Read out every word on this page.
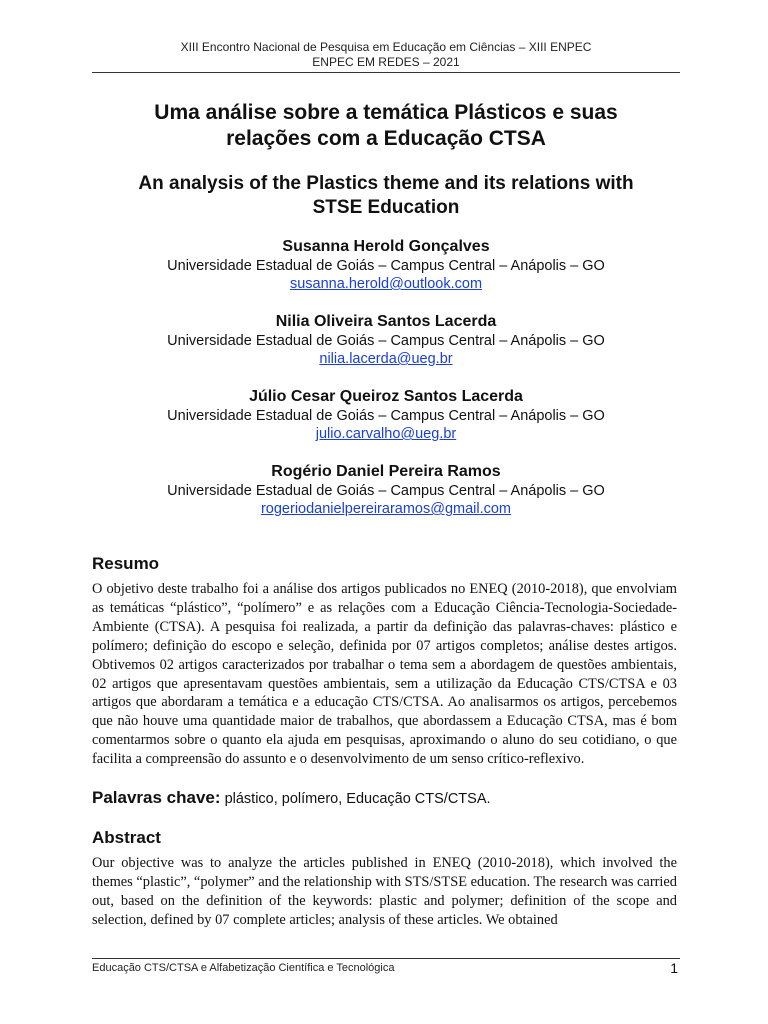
XIII Encontro Nacional de Pesquisa em Educação em Ciências – XIII ENPEC
ENPEC EM REDES – 2021
Uma análise sobre a temática Plásticos e suas
relações com a Educação CTSA
An analysis of the Plastics theme and its relations with
STSE Education
Susanna Herold Gonçalves
Universidade Estadual de Goiás – Campus Central – Anápolis – GO
susanna.herold@outlook.com
Nilia Oliveira Santos Lacerda
Universidade Estadual de Goiás – Campus Central – Anápolis – GO
nilia.lacerda@ueg.br
Júlio Cesar Queiroz Santos Lacerda
Universidade Estadual de Goiás – Campus Central – Anápolis – GO
julio.carvalho@ueg.br
Rogério Daniel Pereira Ramos
Universidade Estadual de Goiás – Campus Central – Anápolis – GO
rogeriodanielpereiraramos@gmail.com
Resumo
O objetivo deste trabalho foi a análise dos artigos publicados no ENEQ (2010-2018), que envolviam as temáticas “plástico”, “polímero” e as relações com a Educação Ciência-Tecnologia-Sociedade-Ambiente (CTSA). A pesquisa foi realizada, a partir da definição das palavras-chaves: plástico e polímero; definição do escopo e seleção, definida por 07 artigos completos; análise destes artigos. Obtivemos 02 artigos caracterizados por trabalhar o tema sem a abordagem de questões ambientais, 02 artigos que apresentavam questões ambientais, sem a utilização da Educação CTS/CTSA e 03 artigos que abordaram a temática e a educação CTS/CTSA. Ao analisarmos os artigos, percebemos que não houve uma quantidade maior de trabalhos, que abordassem a Educação CTSA, mas é bom comentarmos sobre o quanto ela ajuda em pesquisas, aproximando o aluno do seu cotidiano, o que facilita a compreensão do assunto e o desenvolvimento de um senso crítico-reflexivo.
Palavras chave: plástico, polímero, Educação CTS/CTSA.
Abstract
Our objective was to analyze the articles published in ENEQ (2010-2018), which involved the themes “plastic”, “polymer” and the relationship with STS/STSE education. The research was carried out, based on the definition of the keywords: plastic and polymer; definition of the scope and selection, defined by 07 complete articles; analysis of these articles. We obtained
Educação CTS/CTSA e Alfabetização Científica e Tecnológica	1
